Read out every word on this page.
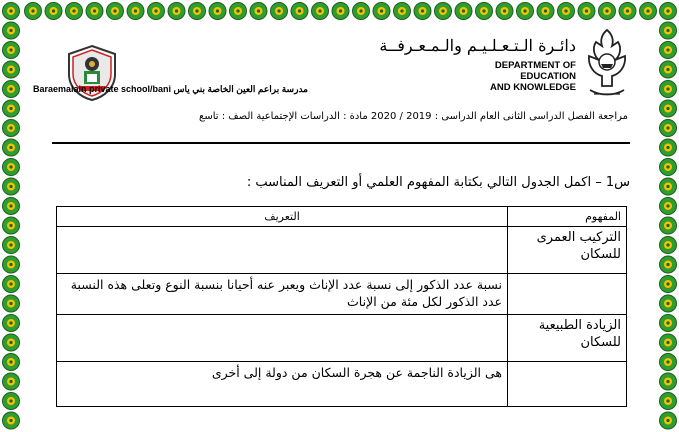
مدرسة براعم العين الخاصة بني ياس Baraemalain private school/bani
دائـرة الـتـعـلـيـم والـمـعـرفــة
DEPARTMENT OF EDUCATION
AND KNOWLEDGE
مراجعة الفصل الدراسى الثانى العام الدراسى : 2019 / 2020 مادة : الدراسات الإجتماعية الصف : تاسع
س1 – اكمل الجدول التالي بكتابة المفهوم العلمي أو التعريف المناسب :
المفهوم	التعريف
التركيب العمرى للسكان	
	نسبة عدد الذكور إلى نسبة عدد الإناث ويعبر عنه أحيانا بنسبة النوع وتعلى هذه النسبة عدد الذكور لكل مئة من الإناث
الزيادة الطبيعية للسكان	
	هى الزيادة الناجمة عن هجرة السكان من دولة إلى أخرى
